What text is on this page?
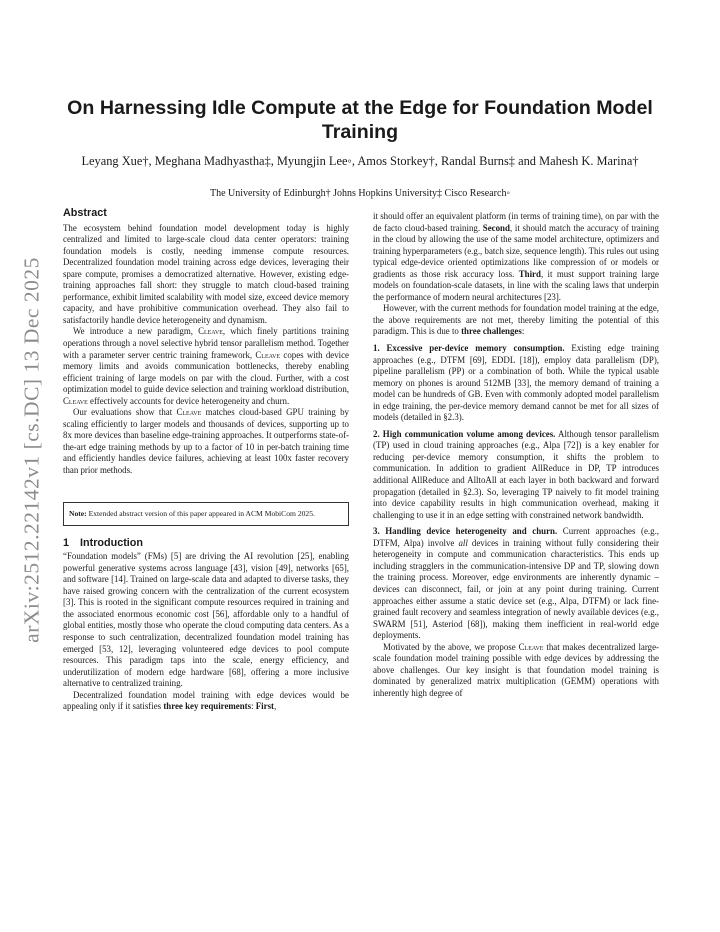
arXiv:2512.22142v1 [cs.DC] 13 Dec 2025
On Harnessing Idle Compute at the Edge for Foundation Model Training
Leyang Xue†, Meghana Madhyastha‡, Myungjin Lee◦, Amos Storkey†, Randal Burns‡ and Mahesh K. Marina†
The University of Edinburgh† Johns Hopkins University‡ Cisco Research◦
Abstract

The ecosystem behind foundation model development today is highly centralized and limited to large-scale cloud data center operators: training foundation models is costly, needing immense compute resources. Decentralized foundation model training across edge devices, leveraging their spare compute, promises a democratized alternative. However, existing edge-training approaches fall short: they struggle to match cloud-based training performance, exhibit limited scalability with model size, exceed device memory capacity, and have prohibitive communication overhead. They also fail to satisfactorily handle device heterogeneity and dynamism.

We introduce a new paradigm, Cleave, which finely partitions training operations through a novel selective hybrid tensor parallelism method. Together with a parameter server centric training framework, Cleave copes with device memory limits and avoids communication bottlenecks, thereby enabling efficient training of large models on par with the cloud. Further, with a cost optimization model to guide device selection and training workload distribution, Cleave effectively accounts for device heterogeneity and churn.

Our evaluations show that Cleave matches cloud-based GPU training by scaling efficiently to larger models and thousands of devices, supporting up to 8x more devices than baseline edge-training approaches. It outperforms state-of-the-art edge training methods by up to a factor of 10 in per-batch training time and efficiently handles device failures, achieving at least 100x faster recovery than prior methods.

Note: Extended abstract version of this paper appeared in ACM MobiCom 2025.
1 Introduction

“Foundation models” (FMs) [5] are driving the AI revolution [25], enabling powerful generative systems across language [43], vision [49], networks [65], and software [14]. Trained on large-scale data and adapted to diverse tasks, they have raised growing concern with the centralization of the current ecosystem [3]. This is rooted in the significant compute resources required in training and the associated enormous economic cost [56], affordable only to a handful of global entities, mostly those who operate the cloud computing data centers. As a response to such centralization, decentralized foundation model training has emerged [53, 12], leveraging volunteered edge devices to pool compute resources. This paradigm taps into the scale, energy efficiency, and underutilization of modern edge hardware [68], offering a more inclusive alternative to centralized training.

Decentralized foundation model training with edge devices would be appealing only if it satisfies three key requirements: First,

it should offer an equivalent platform (in terms of training time), on par with the de facto cloud-based training. Second, it should match the accuracy of training in the cloud by allowing the use of the same model architecture, optimizers and training hyperparameters (e.g., batch size, sequence length). This rules out using typical edge-device oriented optimizations like compression of or models or gradients as those risk accuracy loss. Third, it must support training large models on foundation-scale datasets, in line with the scaling laws that underpin the performance of modern neural architectures [23].

However, with the current methods for foundation model training at the edge, the above requirements are not met, thereby limiting the potential of this paradigm. This is due to three challenges:

1. Excessive per-device memory consumption. Existing edge training approaches (e.g., DTFM [69], EDDL [18]), employ data parallelism (DP), pipeline parallelism (PP) or a combination of both. While the typical usable memory on phones is around 512MB [33], the memory demand of training a model can be hundreds of GB. Even with commonly adopted model parallelism in edge training, the per-device memory demand cannot be met for all sizes of models (detailed in §2.3).

2. High communication volume among devices. Although tensor parallelism (TP) used in cloud training approaches (e.g., Alpa [72]) is a key enabler for reducing per-device memory consumption, it shifts the problem to communication. In addition to gradient AllReduce in DP, TP introduces additional AllReduce and AlltoAll at each layer in both backward and forward propagation (detailed in §2.3). So, leveraging TP naively to fit model training into device capability results in high communication overhead, making it challenging to use it in an edge setting with constrained network bandwidth.

3. Handling device heterogeneity and churn. Current approaches (e.g., DTFM, Alpa) involve all devices in training without fully considering their heterogeneity in compute and communication characteristics. This ends up including stragglers in the communication-intensive DP and TP, slowing down the training process. Moreover, edge environments are inherently dynamic – devices can disconnect, fail, or join at any point during training. Current approaches either assume a static device set (e.g., Alpa, DTFM) or lack fine-grained fault recovery and seamless integration of newly available devices (e.g., SWARM [51], Asteriod [68]), making them inefficient in real-world edge deployments.

Motivated by the above, we propose Cleave that makes decentralized large-scale foundation model training possible with edge devices by addressing the above challenges. Our key insight is that foundation model training is dominated by generalized matrix multiplication (GEMM) operations with inherently high degree of
